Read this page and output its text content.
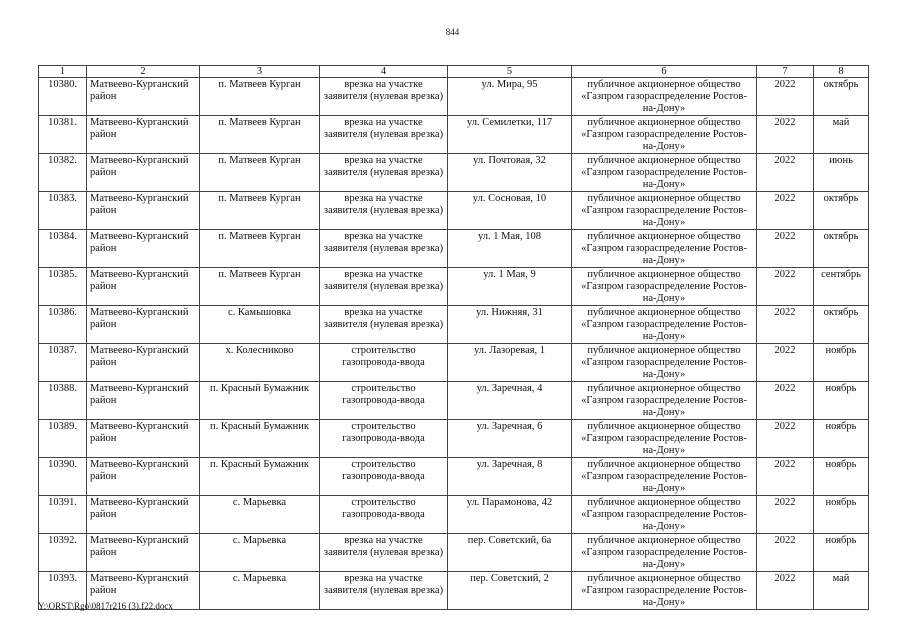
844
1	2	3	4	5	6	7	8
10380.	Матвеево-Курганский район	п. Матвеев Курган	врезка на участке заявителя (нулевая врезка)	ул. Мира, 95	публичное акционерное общество «Газпром газораспределение Ростов-на-Дону»	2022	октябрь
10381.	Матвеево-Курганский район	п. Матвеев Курган	врезка на участке заявителя (нулевая врезка)	ул. Семилетки, 117	публичное акционерное общество «Газпром газораспределение Ростов-на-Дону»	2022	май
10382.	Матвеево-Курганский район	п. Матвеев Курган	врезка на участке заявителя (нулевая врезка)	ул. Почтовая, 32	публичное акционерное общество «Газпром газораспределение Ростов-на-Дону»	2022	июнь
10383.	Матвеево-Курганский район	п. Матвеев Курган	врезка на участке заявителя (нулевая врезка)	ул. Сосновая, 10	публичное акционерное общество «Газпром газораспределение Ростов-на-Дону»	2022	октябрь
10384.	Матвеево-Курганский район	п. Матвеев Курган	врезка на участке заявителя (нулевая врезка)	ул. 1 Мая, 108	публичное акционерное общество «Газпром газораспределение Ростов-на-Дону»	2022	октябрь
10385.	Матвеево-Курганский район	п. Матвеев Курган	врезка на участке заявителя (нулевая врезка)	ул. 1 Мая, 9	публичное акционерное общество «Газпром газораспределение Ростов-на-Дону»	2022	сентябрь
10386.	Матвеево-Курганский район	с. Камышовка	врезка на участке заявителя (нулевая врезка)	ул. Нижняя, 31	публичное акционерное общество «Газпром газораспределение Ростов-на-Дону»	2022	октябрь
10387.	Матвеево-Курганский район	х. Колесниково	строительство газопровода-ввода	ул. Лазоревая, 1	публичное акционерное общество «Газпром газораспределение Ростов-на-Дону»	2022	ноябрь
10388.	Матвеево-Курганский район	п. Красный Бумажник	строительство газопровода-ввода	ул. Заречная, 4	публичное акционерное общество «Газпром газораспределение Ростов-на-Дону»	2022	ноябрь
10389.	Матвеево-Курганский район	п. Красный Бумажник	строительство газопровода-ввода	ул. Заречная, 6	публичное акционерное общество «Газпром газораспределение Ростов-на-Дону»	2022	ноябрь
10390.	Матвеево-Курганский район	п. Красный Бумажник	строительство газопровода-ввода	ул. Заречная, 8	публичное акционерное общество «Газпром газораспределение Ростов-на-Дону»	2022	ноябрь
10391.	Матвеево-Курганский район	с. Марьевка	строительство газопровода-ввода	ул. Парамонова, 42	публичное акционерное общество «Газпром газораспределение Ростов-на-Дону»	2022	ноябрь
10392.	Матвеево-Курганский район	с. Марьевка	врезка на участке заявителя (нулевая врезка)	пер. Советский, 6а	публичное акционерное общество «Газпром газораспределение Ростов-на-Дону»	2022	ноябрь
10393.	Матвеево-Курганский район	с. Марьевка	врезка на участке заявителя (нулевая врезка)	пер. Советский, 2	публичное акционерное общество «Газпром газораспределение Ростов-на-Дону»	2022	май
Y:\ORST\Rgo\0817r216 (3).f22.docx
